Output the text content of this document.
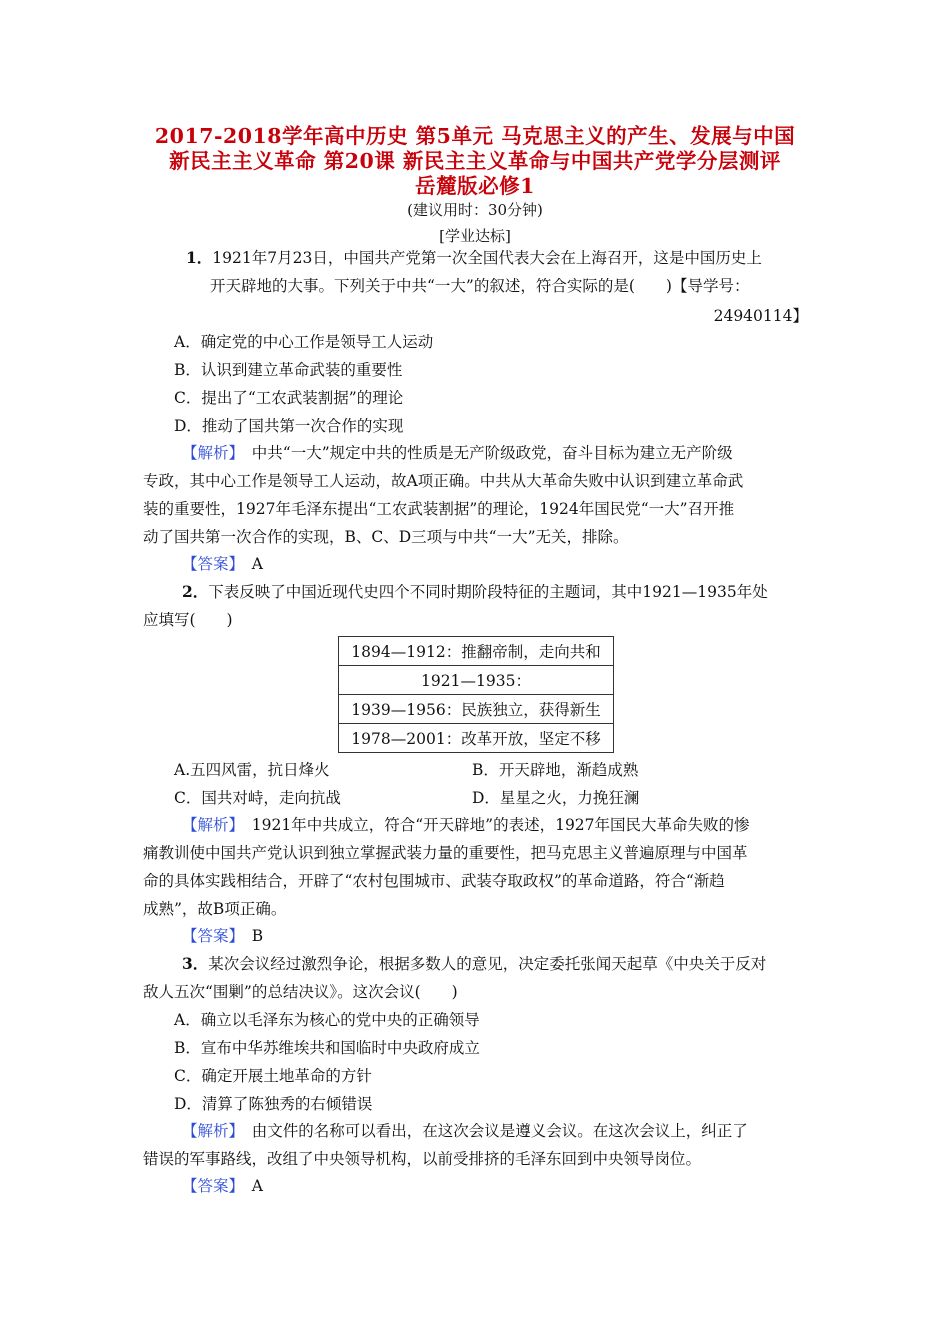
2017-2018学年高中历史 第5单元 马克思主义的产生、发展与中国
新民主主义革命 第20课 新民主主义革命与中国共产党学分层测评
岳麓版必修1
(建议用时：30分钟)
[学业达标]
1．1921年7月23日，中国共产党第一次全国代表大会在上海召开，这是中国历史上
开天辟地的大事。下列关于中共“一大”的叙述，符合实际的是(　　)【导学号：
24940114】
A．确定党的中心工作是领导工人运动
B．认识到建立革命武装的重要性
C．提出了“工农武装割据”的理论
D．推动了国共第一次合作的实现
【解析】　 中共“一大”规定中共的性质是无产阶级政党，奋斗目标为建立无产阶级
专政，其中心工作是领导工人运动，故A项正确。中共从大革命失败中认识到建立革命武
装的重要性，1927年毛泽东提出“工农武装割据”的理论，1924年国民党“一大”召开推
动了国共第一次合作的实现，B、C、D三项与中共“一大”无关，排除。
【答案】　 A
2．下表反映了中国近现代史四个不同时期阶段特征的主题词，其中1921—1935年处
应填写(　　)
1894—1912：推翻帝制，走向共和
1921—1935：
1939—1956：民族独立，获得新生
1978—2001：改革开放，坚定不移
A.五四风雷，抗日烽火	B．开天辟地，渐趋成熟
C．国共对峙，走向抗战	D．星星之火，力挽狂澜
【解析】　 1921年中共成立，符合“开天辟地”的表述，1927年国民大革命失败的惨
痛教训使中国共产党认识到独立掌握武装力量的重要性，把马克思主义普遍原理与中国革
命的具体实践相结合，开辟了“农村包围城市、武装夺取政权”的革命道路，符合“渐趋
成熟”，故B项正确。
【答案】　 B
3．某次会议经过激烈争论，根据多数人的意见，决定委托张闻天起草《中央关于反对
敌人五次“围剿”的总结决议》。这次会议(　　)
A．确立以毛泽东为核心的党中央的正确领导
B．宣布中华苏维埃共和国临时中央政府成立
C．确定开展土地革命的方针
D．清算了陈独秀的右倾错误
【解析】　 由文件的名称可以看出，在这次会议是遵义会议。在这次会议上，纠正了
错误的军事路线，改组了中央领导机构，以前受排挤的毛泽东回到中央领导岗位。
【答案】　 A
